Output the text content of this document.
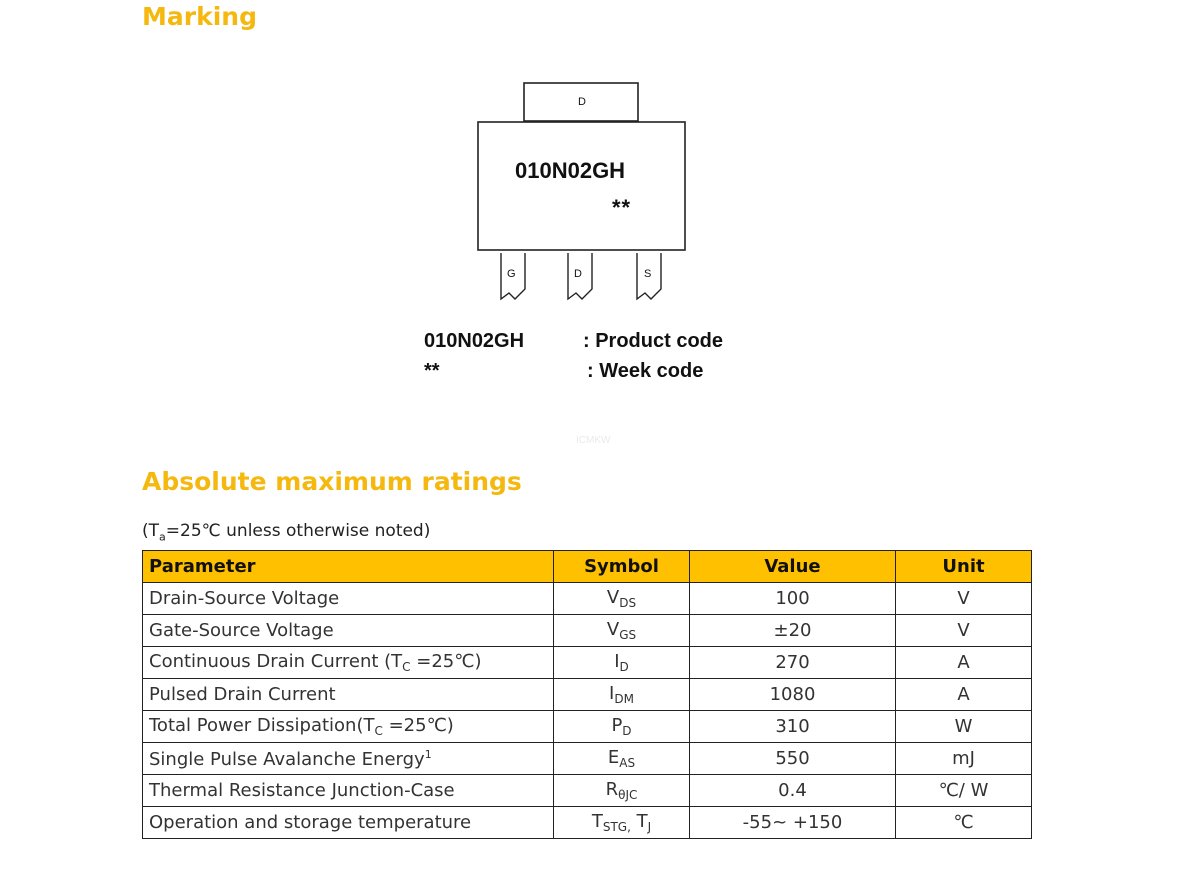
Marking
D
010N02GH
**
G	D	S
010N02GH	: Product code
**	: Week code
ICMKW
Absolute maximum ratings
($T_a=25℃$ unless otherwise noted)
Parameter	Symbol	Value	Unit
Drain-Source Voltage	$V_{DS}$	100	V
Gate-Source Voltage	$V_{GS}$	±20	V
Continuous Drain Current ($T_C$ =25℃)	$I_D$	270	A
Pulsed Drain Current	$I_{DM}$	1080	A
Total Power $Dissipation(T_C$ =25℃)	$P_D$	310	W
Single Pulse Avalanche Energy$^1$	$E_{AS}$	550	mJ
Thermal Resistance Junction-Case	$R_{\theta JC}$	0.4	℃/ W
Operation and storage temperature	$T_{STG,}$ $T_J$	-55~ +150	℃
